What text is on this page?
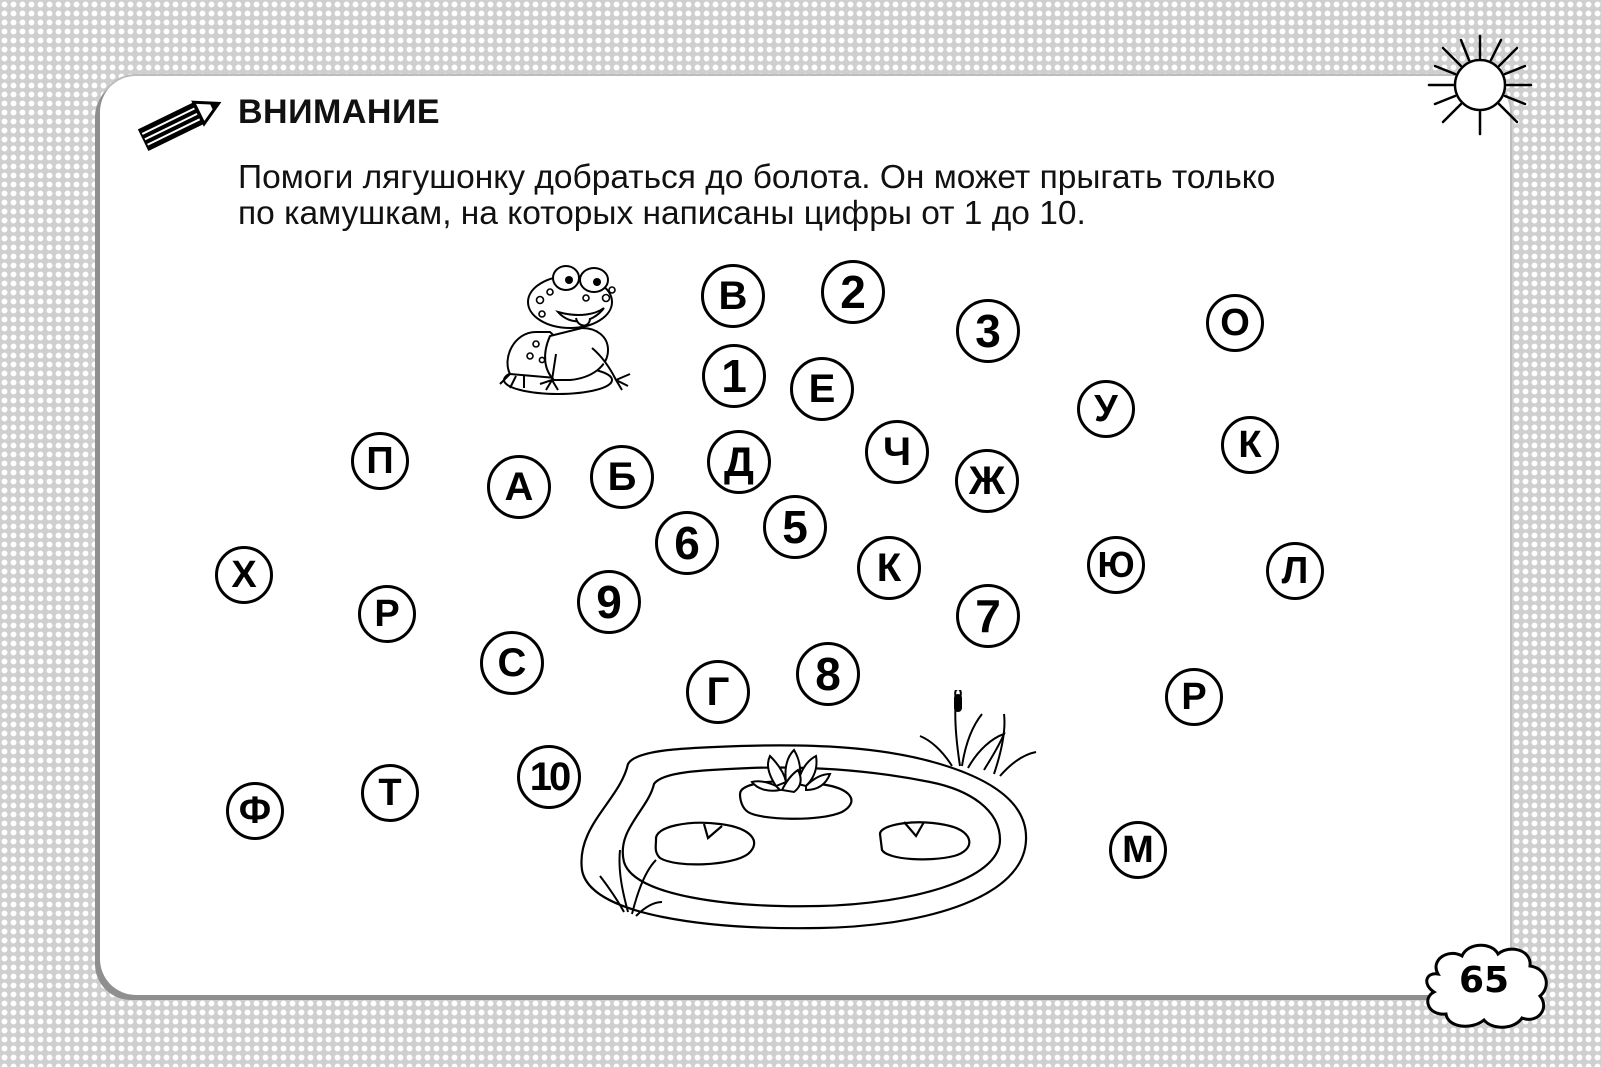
ВНИМАНИЕ
Помоги лягушонку добраться до болота. Он может прыгать только
по камушкам, на которых написаны цифры от 1 до 10.
В	2
3	О
1	Е	У
К
П
А	Б	Д	Ч
Ж
6	5
Х	К	Ю	Л
Р	9	7
С
Г	8	Р
10
Т
Ф
М
65
